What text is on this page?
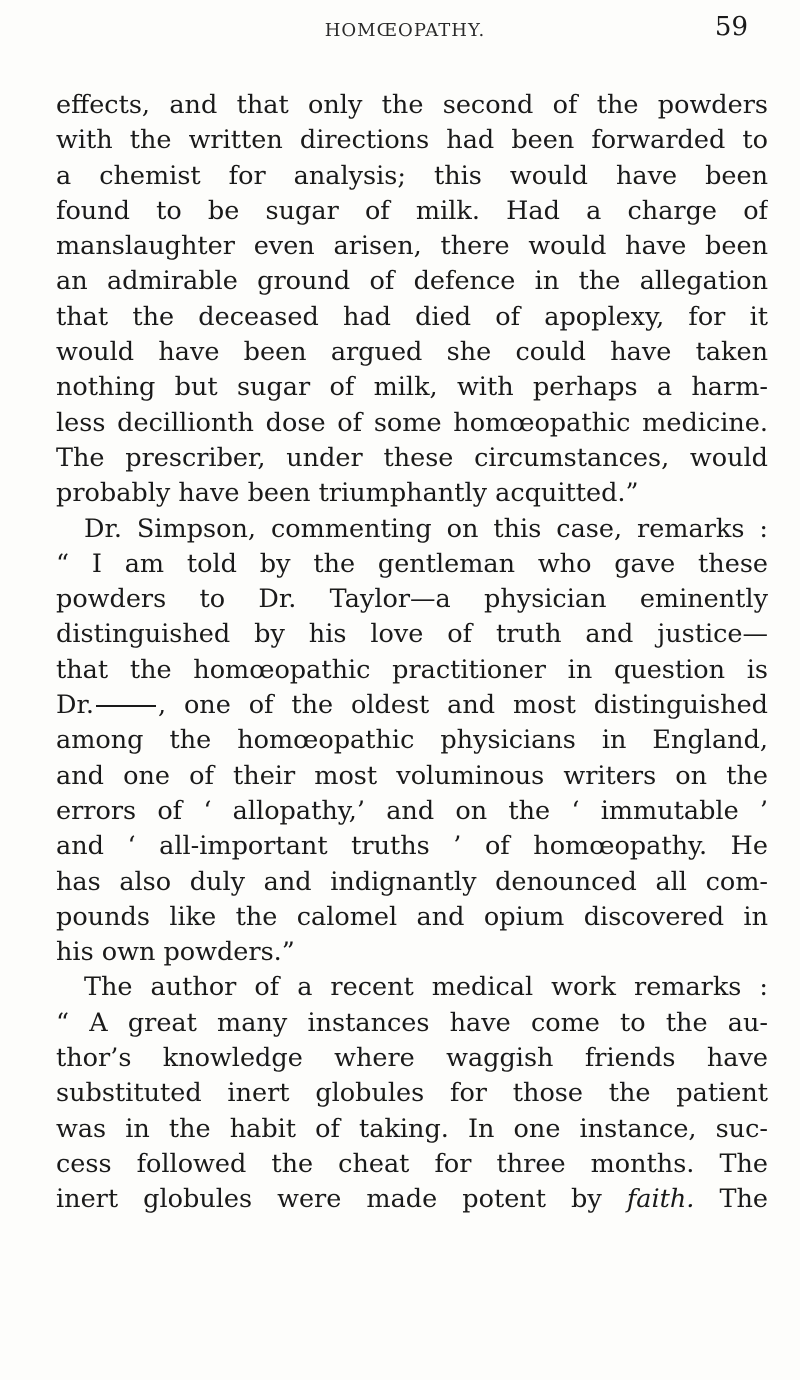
HOMŒOPATHY.	59
effects, and that only the second of the powders
with the written directions had been forwarded to
a chemist for analysis; this would have been
found to be sugar of milk. Had a charge of
manslaughter even arisen, there would have been
an admirable ground of defence in the allegation
that the deceased had died of apoplexy, for it
would have been argued she could have taken
nothing but sugar of milk, with perhaps a harm-
less decillionth dose of some homœopathic medicine.
The prescriber, under these circumstances, would
probably have been triumphantly acquitted.”
Dr. Simpson, commenting on this case, remarks :
“ I am told by the gentleman who gave these
powders to Dr. Taylor—a physician eminently
distinguished by his love of truth and justice—
that the homœopathic practitioner in question is
Dr.	, one of the oldest and most distinguished
among the homœopathic physicians in England,
and one of their most voluminous writers on the
errors of ‘ allopathy,’ and on the ‘ immutable ’
and ‘ all-important truths ’ of homœopathy. He
has also duly and indignantly denounced all com-
pounds like the calomel and opium discovered in
his own powders.”
The author of a recent medical work remarks :
“ A great many instances have come to the au-
thor’s knowledge where waggish friends have
substituted inert globules for those the patient
was in the habit of taking. In one instance, suc-
cess followed the cheat for three months. The
inert globules were made potent by faith. The
